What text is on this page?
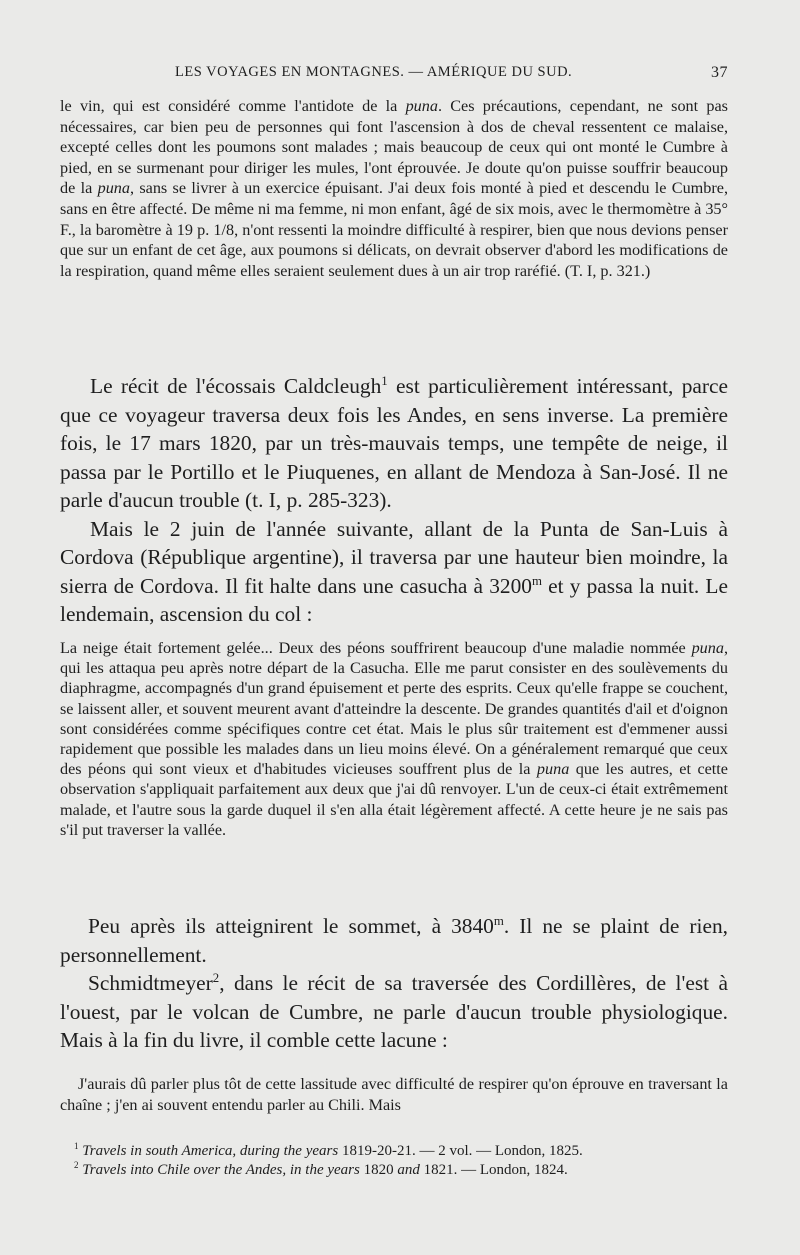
LES VOYAGES EN MONTAGNES. — AMÉRIQUE DU SUD.	37

le vin, qui est considéré comme l'antidote de la puna. Ces précautions, cependant, ne sont pas nécessaires, car bien peu de personnes qui font l'ascension à dos de cheval ressentent ce malaise, excepté celles dont les poumons sont malades ; mais beaucoup de ceux qui ont monté le Cumbre à pied, en se surmenant pour diriger les mules, l'ont éprouvée. Je doute qu'on puisse souffrir beaucoup de la puna, sans se livrer à un exercice épuisant. J'ai deux fois monté à pied et descendu le Cumbre, sans en être affecté. De même ni ma femme, ni mon enfant, âgé de six mois, avec le thermomètre à 35° F., la baromètre à 19 p. 1/8, n'ont ressenti la moindre difficulté à respirer, bien que nous devions penser que sur un enfant de cet âge, aux poumons si délicats, on devrait observer d'abord les modifications de la respiration, quand même elles seraient seulement dues à un air trop raréfié. (T. I, p. 321.)

Le récit de l'écossais Caldcleugh$^1$ est particulièrement intéressant, parce que ce voyageur traversa deux fois les Andes, en sens inverse. La première fois, le 17 mars 1820, par un très-mauvais temps, une tempête de neige, il passa par le Portillo et le Piuquenes, en allant de Mendoza à San-José. Il ne parle d'aucun trouble (t. I, p. 285-323).

Mais le 2 juin de l'année suivante, allant de la Punta de San-Luis à Cordova (République argentine), il traversa par une hauteur bien moindre, la sierra de Cordova. Il fit halte dans une casucha à 3200$^m$ et y passa la nuit. Le lendemain, ascension du col :

La neige était fortement gelée... Deux des péons souffrirent beaucoup d'une maladie nommée puna, qui les attaqua peu après notre départ de la Casucha. Elle me parut consister en des soulèvements du diaphragme, accompagnés d'un grand épuisement et perte des esprits. Ceux qu'elle frappe se couchent, se laissent aller, et souvent meurent avant d'atteindre la descente. De grandes quantités d'ail et d'oignon sont considérées comme spécifiques contre cet état. Mais le plus sûr traitement est d'emmener aussi rapidement que possible les malades dans un lieu moins élevé. On a généralement remarqué que ceux des péons qui sont vieux et d'habitudes vicieuses souffrent plus de la puna que les autres, et cette observation s'appliquait parfaitement aux deux que j'ai dû renvoyer. L'un de ceux-ci était extrêmement malade, et l'autre sous la garde duquel il s'en alla était légèrement affecté. A cette heure je ne sais pas s'il put traverser la vallée.

Peu après ils atteignirent le sommet, à 3840$^m$. Il ne se plaint de rien, personnellement.

Schmidtmeyer$^2$, dans le récit de sa traversée des Cordillères, de l'est à l'ouest, par le volcan de Cumbre, ne parle d'aucun trouble physiologique. Mais à la fin du livre, il comble cette lacune :

J'aurais dû parler plus tôt de cette lassitude avec difficulté de respirer qu'on éprouve en traversant la chaîne ; j'en ai souvent entendu parler au Chili. Mais

$^1$ Travels in south America, during the years 1819-20-21. — 2 vol. — London, 1825.

$^2$ Travels into Chile over the Andes, in the years 1820 and 1821. — London, 1824.
